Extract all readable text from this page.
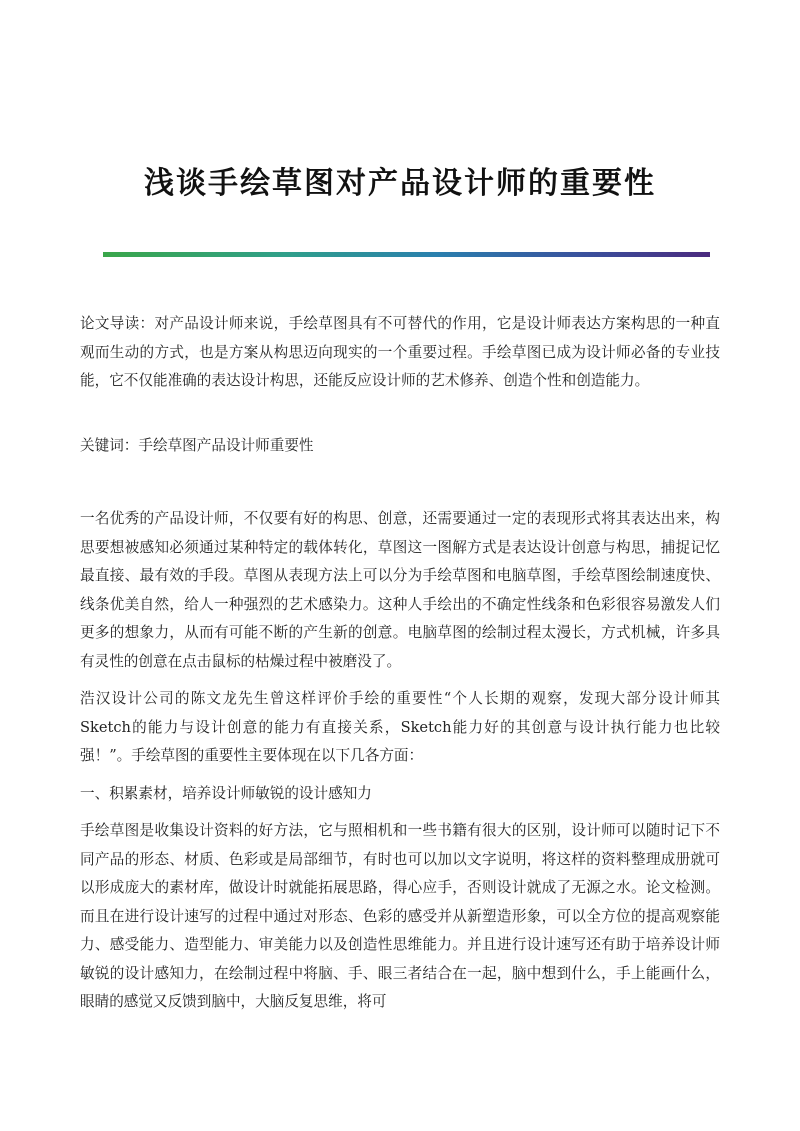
浅谈手绘草图对产品设计师的重要性

论文导读：对产品设计师来说，手绘草图具有不可替代的作用，它是设计师表达方案构思的一种直观而生动的方式，也是方案从构思迈向现实的一个重要过程。手绘草图已成为设计师必备的专业技能，它不仅能准确的表达设计构思，还能反应设计师的艺术修养、创造个性和创造能力。

关键词：手绘草图产品设计师重要性

一名优秀的产品设计师，不仅要有好的构思、创意，还需要通过一定的表现形式将其表达出来，构思要想被感知必须通过某种特定的载体转化，草图这一图解方式是表达设计创意与构思，捕捉记忆最直接、最有效的手段。草图从表现方法上可以分为手绘草图和电脑草图，手绘草图绘制速度快、线条优美自然，给人一种强烈的艺术感染力。这种人手绘出的不确定性线条和色彩很容易激发人们更多的想象力，从而有可能不断的产生新的创意。电脑草图的绘制过程太漫长，方式机械，许多具有灵性的创意在点击鼠标的枯燥过程中被磨没了。

浩汉设计公司的陈文龙先生曾这样评价手绘的重要性“个人长期的观察，发现大部分设计师其Sketch的能力与设计创意的能力有直接关系，Sketch能力好的其创意与设计执行能力也比较强！”。手绘草图的重要性主要体现在以下几各方面：

一、积累素材，培养设计师敏锐的设计感知力

手绘草图是收集设计资料的好方法，它与照相机和一些书籍有很大的区别，设计师可以随时记下不同产品的形态、材质、色彩或是局部细节，有时也可以加以文字说明，将这样的资料整理成册就可以形成庞大的素材库，做设计时就能拓展思路，得心应手，否则设计就成了无源之水。论文检测。而且在进行设计速写的过程中通过对形态、色彩的感受并从新塑造形象，可以全方位的提高观察能力、感受能力、造型能力、审美能力以及创造性思维能力。并且进行设计速写还有助于培养设计师敏锐的设计感知力，在绘制过程中将脑、手、眼三者结合在一起，脑中想到什么，手上能画什么，眼睛的感觉又反馈到脑中，大脑反复思维，将可
